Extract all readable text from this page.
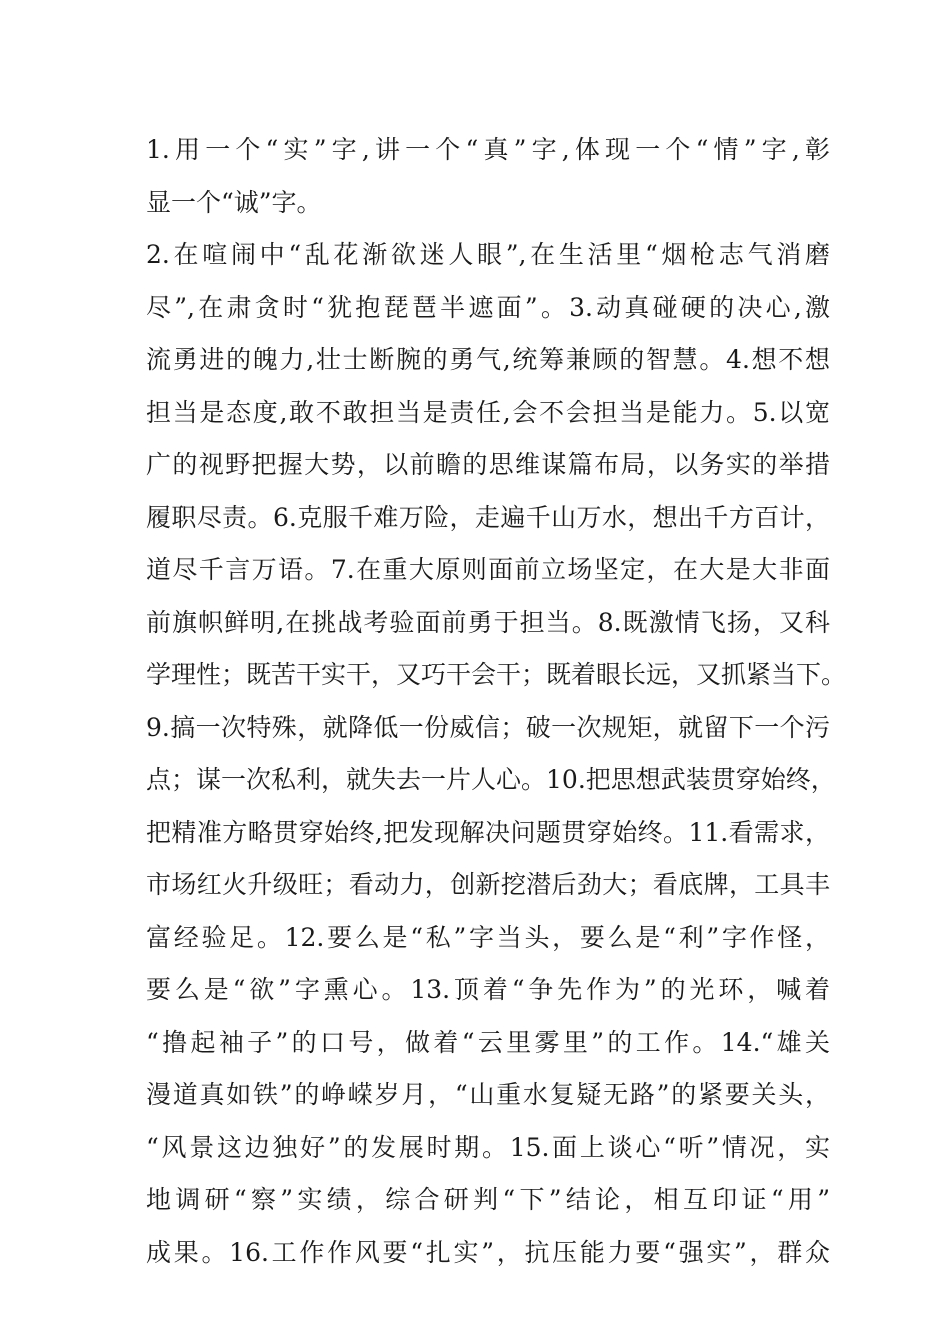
1.用一个“实”字,讲一个“真”字,体现一个“情”字,彰
显一个“诚”字。
2.在喧闹中“乱花渐欲迷人眼”,在生活里“烟枪志气消磨
尽”,在肃贪时“犹抱琵琶半遮面”。3.动真碰硬的决心,激
流勇进的魄力,壮士断腕的勇气,统筹兼顾的智慧。4.想不想
担当是态度,敢不敢担当是责任,会不会担当是能力。5.以宽
广的视野把握大势，以前瞻的思维谋篇布局，以务实的举措
履职尽责。6.克服千难万险，走遍千山万水，想出千方百计，
道尽千言万语。7.在重大原则面前立场坚定，在大是大非面
前旗帜鲜明,在挑战考验面前勇于担当。8.既激情飞扬，又科
学理性；既苦干实干，又巧干会干；既着眼长远，又抓紧当下。
9.搞一次特殊，就降低一份威信；破一次规矩，就留下一个污
点；谋一次私利，就失去一片人心。10.把思想武装贯穿始终，
把精准方略贯穿始终,把发现解决问题贯穿始终。11.看需求，
市场红火升级旺；看动力，创新挖潜后劲大；看底牌，工具丰
富经验足。12.要么是“私”字当头，要么是“利”字作怪，
要么是“欲”字熏心。13.顶着“争先作为”的光环，喊着
“撸起袖子”的口号，做着“云里雾里”的工作。14.“雄关
漫道真如铁”的峥嵘岁月，“山重水复疑无路”的紧要关头，
“风景这边独好”的发展时期。15.面上谈心“听”情况，实
地调研“察”实绩，综合研判“下”结论，相互印证“用”
成果。16.工作作风要“扎实”，抗压能力要“强实”，群众
